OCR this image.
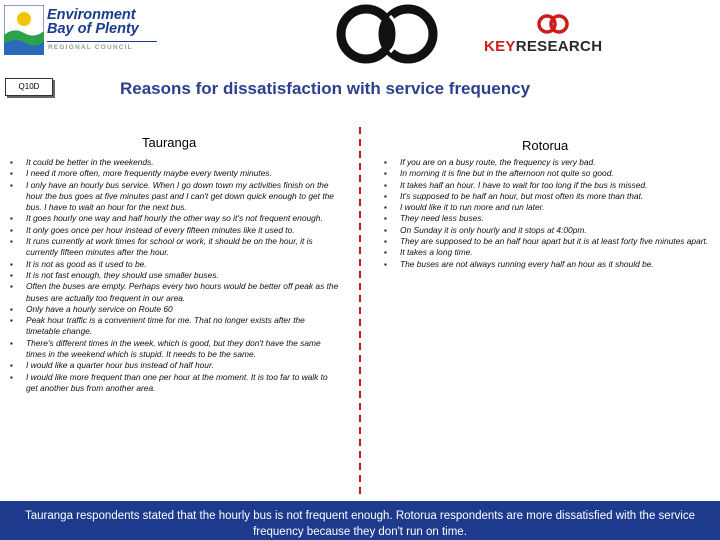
Environment
Bay of Plenty
REGIONAL COUNCIL	KEYRESEARCH
Q10D	Reasons for dissatisfaction with service frequency
Tauranga	Rotorua
▪ It could be better in the weekends.
▪ I need it more often, more frequently maybe every twenty minutes.
▪ I only have an hourly bus service. When I go down town my activities finish on the hour the bus goes at five minutes past and I can't get down quick enough to get the bus. I have to wait an hour for the next bus.
▪ It goes hourly one way and half hourly the other way so it's not frequent enough.
▪ It only goes once per hour instead of every fifteen minutes like it used to.
▪ It runs currently at work times for school or work, it should be on the hour, it is currently fifteen minutes after the hour.
▪ It is not as good as it used to be.
▪ It is not fast enough, they should use smaller buses.
▪ Often the buses are empty. Perhaps every two hours would be better off peak as the buses are actually too frequent in our area.
▪ Only have a hourly service on Route 60
▪ Peak hour traffic is a convenient time for me. That no longer exists after the timetable change.
▪ There's different times in the week, which is good, but they don't have the same times in the weekend which is stupid. It needs to be the same.
▪ I would like a quarter hour bus instead of half hour.
▪ I would like more frequent than one per hour at the moment. It is too far to walk to get another bus from another area.
▪ If you are on a busy route, the frequency is very bad.
▪ In morning it is fine but in the afternoon not quite so good.
▪ It takes half an hour. I have to wait for too long if the bus is missed.
▪ It's supposed to be half an hour, but most often its more than that.
▪ I would like it to run more and run later.
▪ They need less buses.
▪ On Sunday it is only hourly and it stops at 4:00pm.
▪ They are supposed to be an half hour apart but it is at least forty five minutes apart.
▪ It takes a long time.
▪ The buses are not always running every half an hour as it should be.
Tauranga respondents stated that the hourly bus is not frequent enough. Rotorua respondents are more dissatisfied with the service frequency because they don't run on time.
